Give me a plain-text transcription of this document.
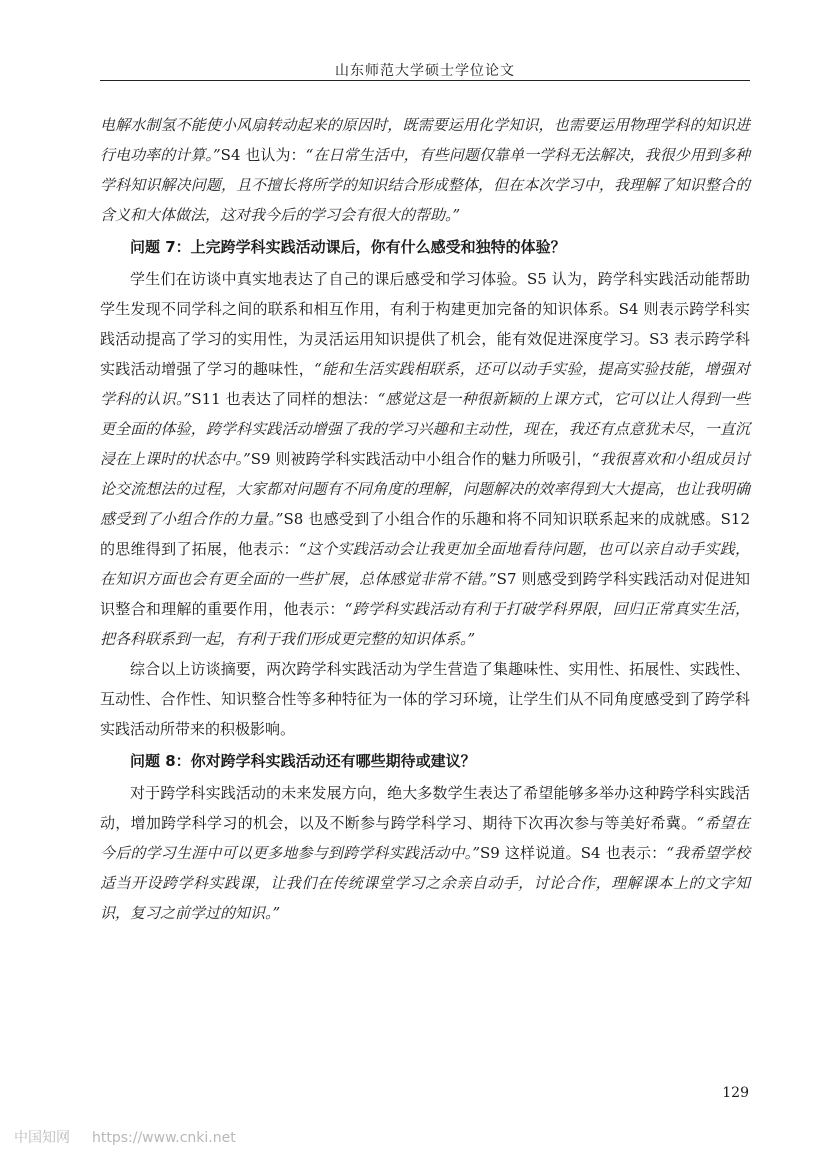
山东师范大学硕士学位论文

电解水制氢不能使小风扇转动起来的原因时，既需要运用化学知识，也需要运用物理学科的知识进行电功率的计算。”S4 也认为：“在日常生活中，有些问题仅靠单一学科无法解决，我很少用到多种学科知识解决问题，且不擅长将所学的知识结合形成整体，但在本次学习中，我理解了知识整合的含义和大体做法，这对我今后的学习会有很大的帮助。”

问题 7：上完跨学科实践活动课后，你有什么感受和独特的体验？

学生们在访谈中真实地表达了自己的课后感受和学习体验。S5 认为，跨学科实践活动能帮助学生发现不同学科之间的联系和相互作用，有利于构建更加完备的知识体系。S4 则表示跨学科实践活动提高了学习的实用性，为灵活运用知识提供了机会，能有效促进深度学习。S3 表示跨学科实践活动增强了学习的趣味性，“能和生活实践相联系，还可以动手实验，提高实验技能，增强对学科的认识。”S11 也表达了同样的想法：“感觉这是一种很新颖的上课方式，它可以让人得到一些更全面的体验，跨学科实践活动增强了我的学习兴趣和主动性，现在，我还有点意犹未尽，一直沉浸在上课时的状态中。”S9 则被跨学科实践活动中小组合作的魅力所吸引，“我很喜欢和小组成员讨论交流想法的过程，大家都对问题有不同角度的理解，问题解决的效率得到大大提高，也让我明确感受到了小组合作的力量。”S8 也感受到了小组合作的乐趣和将不同知识联系起来的成就感。S12 的思维得到了拓展，他表示：“这个实践活动会让我更加全面地看待问题，也可以亲自动手实践，在知识方面也会有更全面的一些扩展，总体感觉非常不错。”S7 则感受到跨学科实践活动对促进知识整合和理解的重要作用，他表示：“跨学科实践活动有利于打破学科界限，回归正常真实生活，把各科联系到一起，有利于我们形成更完整的知识体系。”

综合以上访谈摘要，两次跨学科实践活动为学生营造了集趣味性、实用性、拓展性、实践性、互动性、合作性、知识整合性等多种特征为一体的学习环境，让学生们从不同角度感受到了跨学科实践活动所带来的积极影响。

问题 8：你对跨学科实践活动还有哪些期待或建议？

对于跨学科实践活动的未来发展方向，绝大多数学生表达了希望能够多举办这种跨学科实践活动，增加跨学科学习的机会，以及不断参与跨学科学习、期待下次再次参与等美好希冀。“希望在今后的学习生涯中可以更多地参与到跨学科实践活动中。”S9 这样说道。S4 也表示：“我希望学校适当开设跨学科实践课，让我们在传统课堂学习之余亲自动手，讨论合作，理解课本上的文字知识，复习之前学过的知识。”

129
中国知网 https://www.cnki.net
